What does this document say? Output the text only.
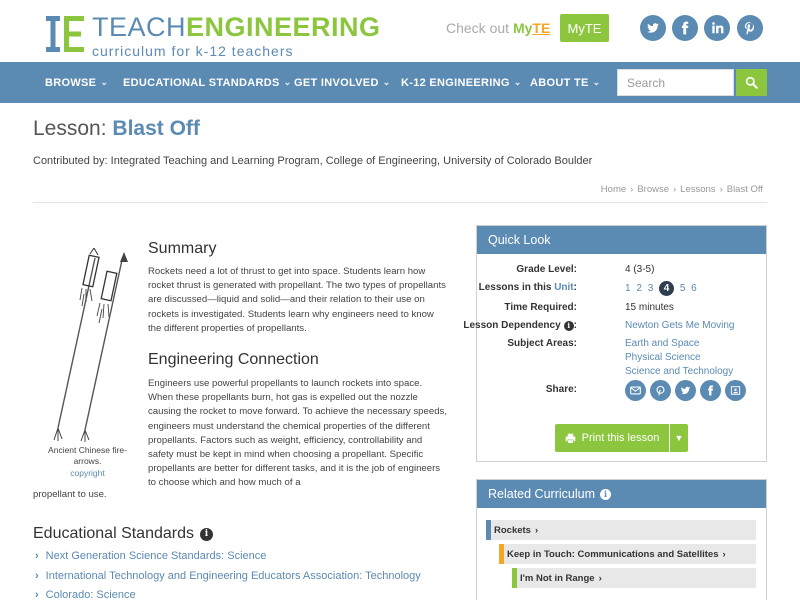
TEACHENGINEERING
curriculum for k-12 teachers
Check out MyTE	MyTE
BROWSE ⌄ EDUCATIONAL STANDARDS ⌄ GET INVOLVED ⌄ K-12 ENGINEERING ⌄ ABOUT TE ⌄
Search
Lesson: Blast Off
Contributed by: Integrated Teaching and Learning Program, College of Engineering, University of Colorado Boulder
Home › Browse › Lessons › Blast Off
Ancient Chinese fire-arrows.
copyright
Summary
Rockets need a lot of thrust to get into space. Students learn how rocket thrust is generated with propellant. The two types of propellants are discussed—liquid and solid—and their relation to their use on rockets is investigated. Students learn why engineers need to know the different properties of propellants.
Engineering Connection
Engineers use powerful propellants to launch rockets into space. When these propellants burn, hot gas is expelled out the nozzle causing the rocket to move forward. To achieve the necessary speeds, engineers must understand the chemical properties of the different propellants. Factors such as weight, efficiency, controllability and safety must be kept in mind when choosing a propellant. Specific propellants are better for different tasks, and it is the job of engineers to choose which and how much of a
propellant to use.
Educational Standards	i
› Next Generation Science Standards: Science
› International Technology and Engineering Educators Association: Technology
› Colorado: Science
Quick Look
Grade Level:	4 (3-5)
Lessons in this Unit:	1 2 3 4 5 6
Time Required:	15 minutes
Lesson Dependency i :	Newton Gets Me Moving
Subject Areas:	Earth and Space
Physical Science
Science and Technology
Share:
Print this lesson ▼
Related Curriculum	i
Rockets ›
Keep in Touch: Communications and Satellites ›
I'm Not in Range ›
